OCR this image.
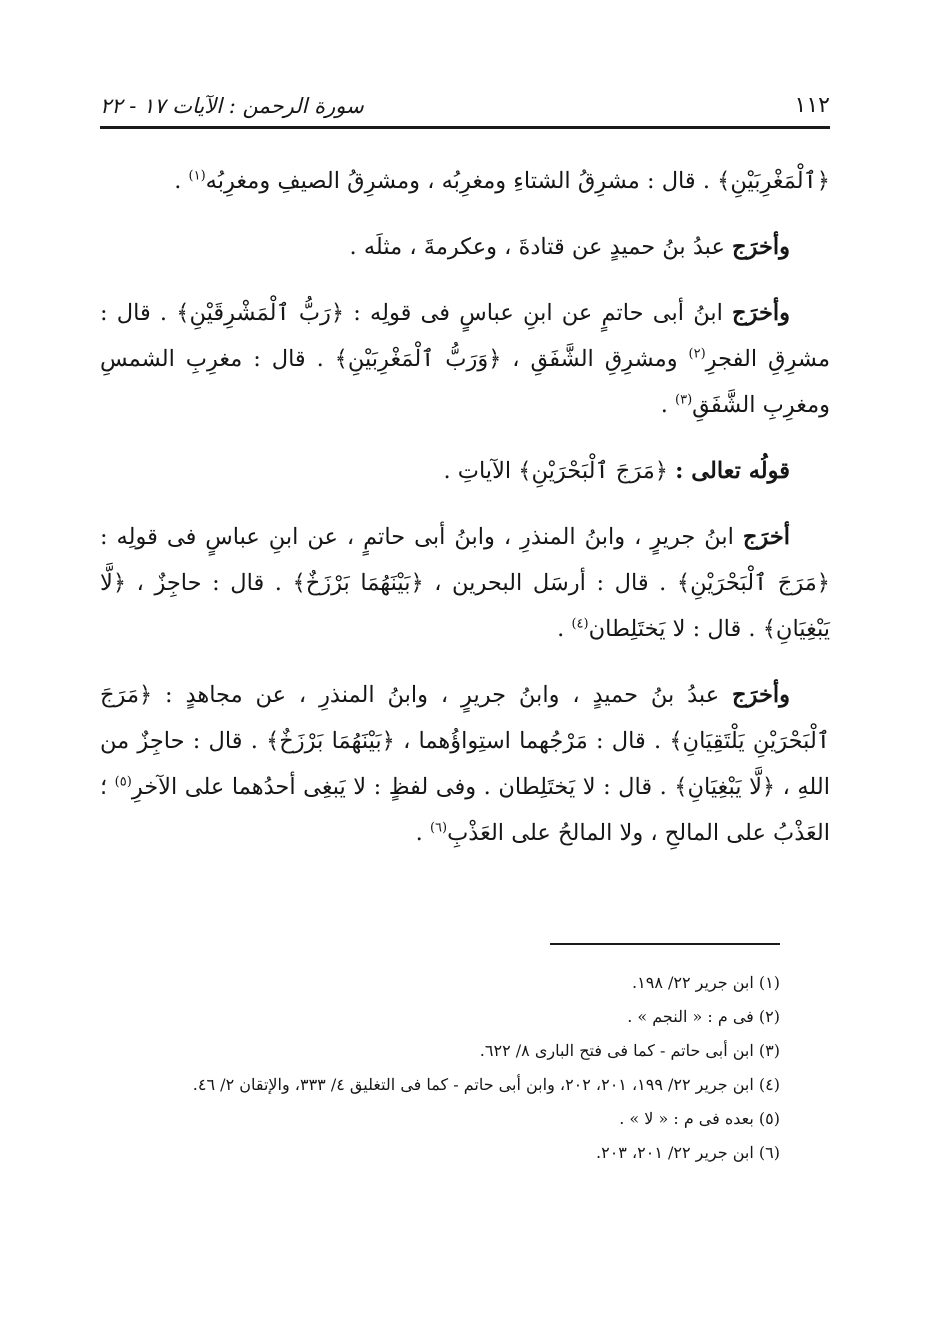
١١٢
سورة الرحمن : الآيات ١٧ - ٢٢

﴿ٱلْمَغْرِبَيْنِ﴾ . قال : مشرِقُ الشتاءِ ومغرِبُه ، ومشرِقُ الصيفِ ومغرِبُه$^{(١)}$ .

وأخرَج عبدُ بنُ حميدٍ عن قتادةَ ، وعكرمةَ ، مثلَه .

وأخرَج ابنُ أبى حاتمٍ عن ابنِ عباسٍ فى قولِه : ﴿رَبُّ ٱلْمَشْرِقَيْنِ﴾ . قال : مشرِقِ الفجرِ$^{(٢)}$ ومشرِقِ الشَّفَقِ ، ﴿وَرَبُّ ٱلْمَغْرِبَيْنِ﴾ . قال : مغرِبِ الشمسِ ومغرِبِ الشَّفَقِ$^{(٣)}$ .

قولُه تعالى : ﴿مَرَجَ ٱلْبَحْرَيْنِ﴾ الآياتِ .

أخرَج ابنُ جريرٍ ، وابنُ المنذرِ ، وابنُ أبى حاتمٍ ، عن ابنِ عباسٍ فى قولِه : ﴿مَرَجَ ٱلْبَحْرَيْنِ﴾ . قال : أرسَل البحرين ، ﴿بَيْنَهُمَا بَرْزَخٌ﴾ . قال : حاجِزٌ ، ﴿لَّا يَبْغِيَانِ﴾ . قال : لا يَختَلِطان$^{(٤)}$ .

وأخرَج عبدُ بنُ حميدٍ ، وابنُ جريرٍ ، وابنُ المنذرِ ، عن مجاهدٍ : ﴿مَرَجَ ٱلْبَحْرَيْنِ يَلْتَقِيَانِ﴾ . قال : مَرْجُهما استِواؤُهما ، ﴿بَيْنَهُمَا بَرْزَخٌ﴾ . قال : حاجِزٌ من اللهِ ، ﴿لَّا يَبْغِيَانِ﴾ . قال : لا يَختَلِطان . وفى لفظٍ : لا يَبغِى أحدُهما على الآخرِ$^{(٥)}$ ؛ العَذْبُ على المالحِ ، ولا المالحُ على العَذْبِ$^{(٦)}$ .

(١) ابن جرير ٢٢/ ١٩٨.

(٢) فى م : « النجم » .

(٣) ابن أبى حاتم - كما فى فتح البارى ٨/ ٦٢٢.

(٤) ابن جرير ٢٢/ ١٩٩، ٢٠١، ٢٠٢، وابن أبى حاتم - كما فى التغليق ٤/ ٣٣٣، والإتقان ٢/ ٤٦.

(٥) بعده فى م : « لا » .

(٦) ابن جرير ٢٢/ ٢٠١، ٢٠٣.
